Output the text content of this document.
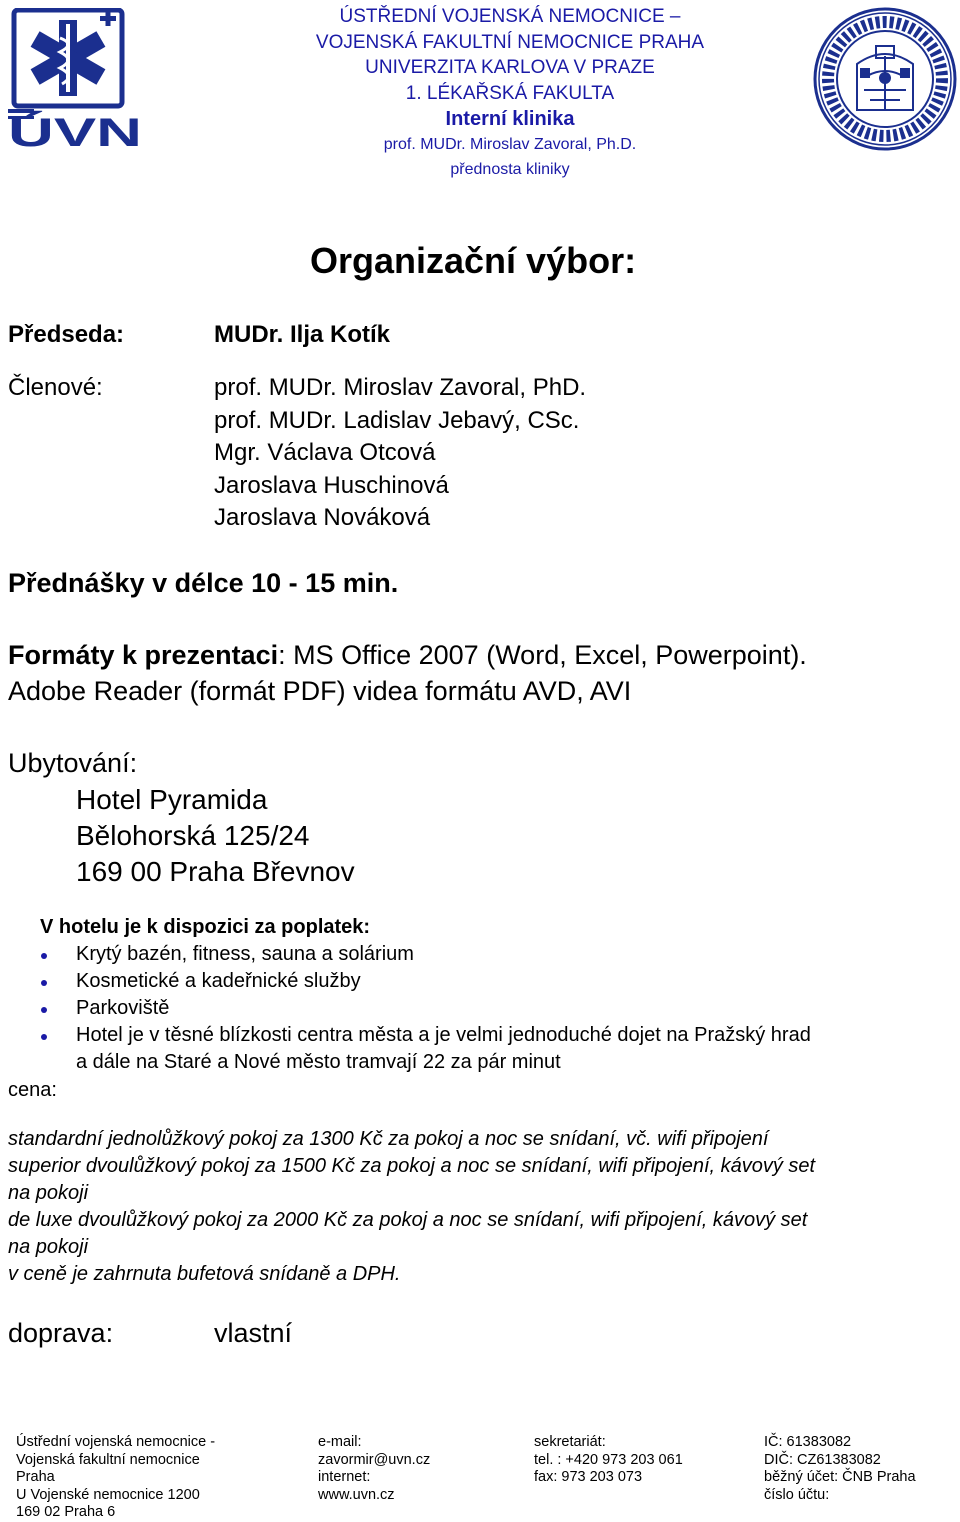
ÚVN
ÚSTŘEDNÍ VOJENSKÁ NEMOCNICE –
VOJENSKÁ FAKULTNÍ NEMOCNICE PRAHA
UNIVERZITA KARLOVA V PRAZE
1. LÉKAŘSKÁ FAKULTA
Interní klinika
prof. MUDr. Miroslav Zavoral, Ph.D.
přednosta kliniky
Organizační výbor:
Předseda:	MUDr. Ilja Kotík
Členové:	prof. MUDr. Miroslav Zavoral, PhD.
prof. MUDr. Ladislav Jebavý, CSc.
Mgr. Václava Otcová
Jaroslava Huschinová
Jaroslava Nováková
Přednášky v délce 10 - 15 min.
Formáty k prezentaci: MS Office 2007 (Word, Excel, Powerpoint).
Adobe Reader (formát PDF) videa formátu AVD, AVI
Ubytování:
Hotel Pyramida
Bělohorská 125/24
169 00 Praha Břevnov
V hotelu je k dispozici za poplatek:
Krytý bazén, fitness, sauna a solárium
Kosmetické a kadeřnické služby
Parkoviště
Hotel je v těsné blízkosti centra města a je velmi jednoduché dojet na Pražský hrad
a dále na Staré a Nové město tramvají 22 za pár minut
cena:
standardní jednolůžkový pokoj za 1300 Kč za pokoj a noc se snídaní, vč. wifi připojení
superior dvoulůžkový pokoj za 1500 Kč za pokoj a noc se snídaní, wifi připojení, kávový set
na pokoji
de luxe dvoulůžkový pokoj za 2000 Kč za pokoj a noc se snídaní, wifi připojení, kávový set
na pokoji
v ceně je zahrnuta bufetová snídaně a DPH.
doprava:	vlastní
Ústřední vojenská nemocnice -
Vojenská fakultní nemocnice
Praha
U Vojenské nemocnice 1200
169 02 Praha 6
e-mail:
zavormir@uvn.cz
internet:
www.uvn.cz
sekretariát:
tel. : +420 973 203 061
fax: 973 203 073
IČ: 61383082
DIČ: CZ61383082
běžný účet: ČNB Praha
číslo účtu:
